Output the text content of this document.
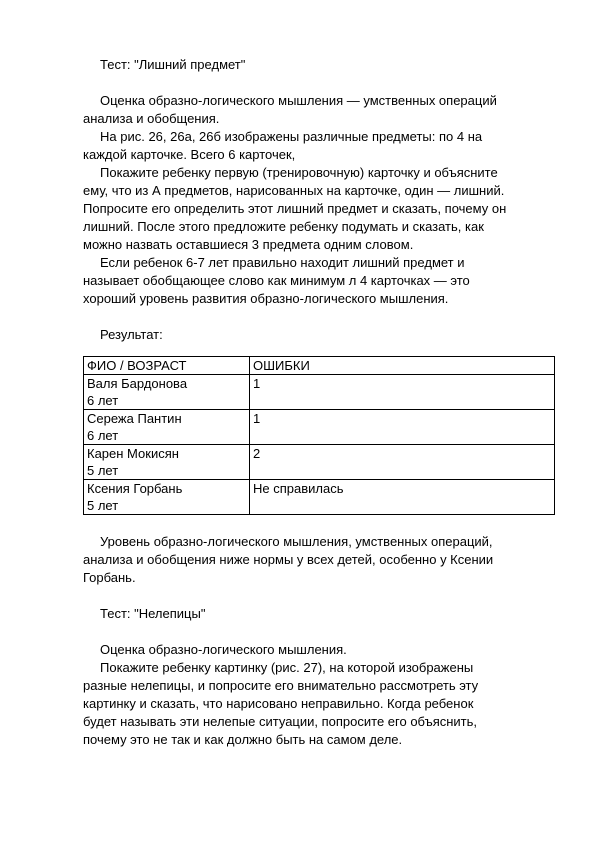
Тест: "Лишний предмет"
Оценка образно-логического мышления — умственных операций
анализа и обобщения.
На рис. 26, 26а, 26б изображены различные предметы: по 4 на
каждой карточке. Всего 6 карточек,
Покажите ребенку первую (тренировочную) карточку и объясните
ему, что из А предметов, нарисованных на карточке, один — лишний.
Попросите его определить этот лишний предмет и сказать, почему он
лишний. После этого предложите ребенку подумать и сказать, как
можно назвать оставшиеся 3 предмета одним словом.
Если ребенок 6-7 лет правильно находит лишний предмет и
называет обобщающее слово как минимум л 4 карточках — это
хороший уровень развития образно-логического мышления.
Результат:
ФИО / ВОЗРАСТ	ОШИБКИ

Валя Бардонова
6 лет	1

Сережа Пантин
6 лет	1

Карен Мокисян
5 лет	2

Ксения Горбань
5 лет	Не справилась
Уровень образно-логического мышления, умственных операций,
анализа и обобщения ниже нормы у всех детей, особенно у Ксении
Горбань.
Тест: "Нелепицы"
Оценка образно-логического мышления.
Покажите ребенку картинку (рис. 27), на которой изображены
разные нелепицы, и попросите его внимательно рассмотреть эту
картинку и сказать, что нарисовано неправильно. Когда ребенок
будет называть эти нелепые ситуации, попросите его объяснить,
почему это не так и как должно быть на самом деле.
